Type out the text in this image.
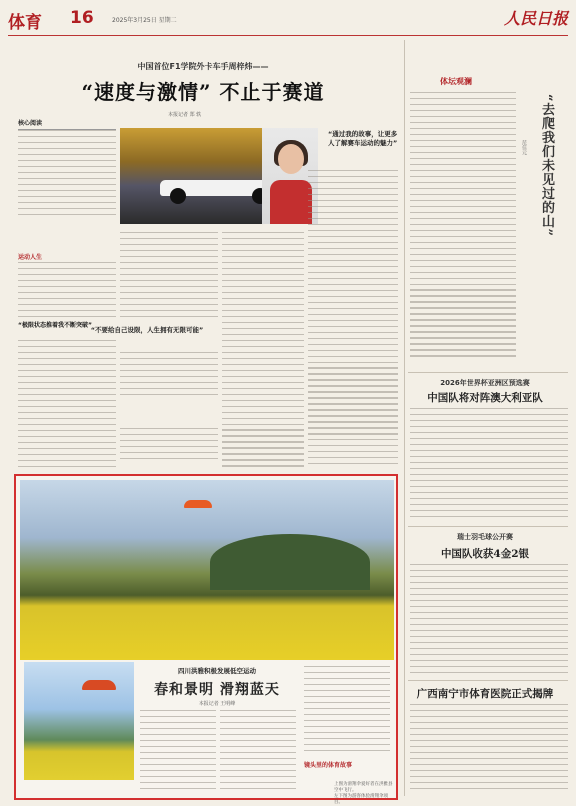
体育 16	2025年3月25日 星期二	人民日报
中国首位F1学院外卡车手周梓炜——
“速度与激情” 不止于赛道
本报记者 郑 轶
“通过我的故事，让更多人了解赛车运动的魅力”
核心阅读
运动人生
“极限状态推着我不断突破”
“不要给自己设限，人生拥有无限可能”
体坛观澜
“去爬我们未见过的山”
范佳元
2026年世界杯亚洲区预选赛
中国队将对阵澳大利亚队
瑞士羽毛球公开赛
中国队收获4金2银
广西南宁市体育医院正式揭牌
四川洪雅积极发展低空运动
春和景明 滑翔蓝天
本报记者 王明峰
镜头里的体育故事
上图为滑翔伞爱好者在洪雅县空中飞行。
左下图为游客体验滑翔伞项目。
